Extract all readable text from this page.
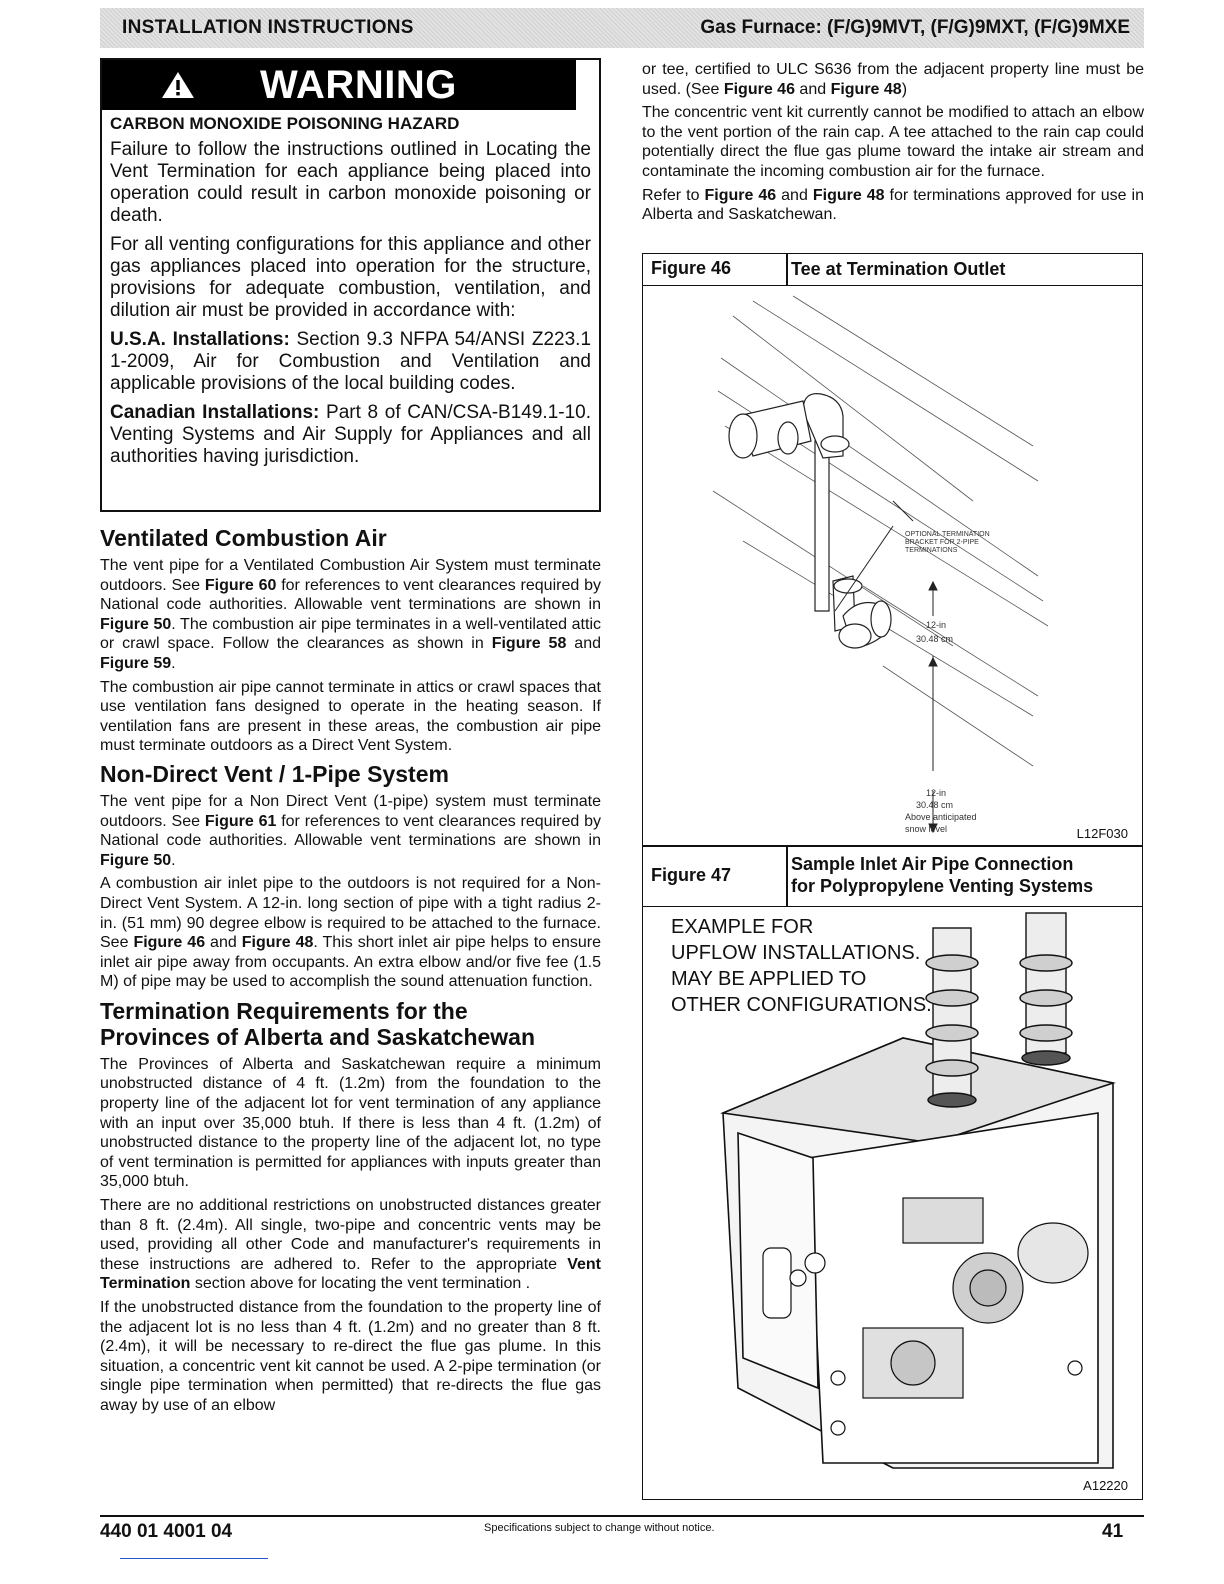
INSTALLATION INSTRUCTIONS	Gas Furnace: (F/G)9MVT, (F/G)9MXT, (F/G)9MXE
WARNING
CARBON MONOXIDE POISONING HAZARD

Failure to follow the instructions outlined in Locating the Vent Termination for each appliance being placed into operation could result in carbon monoxide poisoning or death.

For all venting configurations for this appliance and other gas appliances placed into operation for the structure, provisions for adequate combustion, ventilation, and dilution air must be provided in accordance with:

U.S.A. Installations: Section 9.3 NFPA 54/ANSI Z223.1 1-2009, Air for Combustion and Ventilation and applicable provisions of the local building codes.

Canadian Installations: Part 8 of CAN/CSA-B149.1-10. Venting Systems and Air Supply for Appliances and all authorities having jurisdiction.

Ventilated Combustion Air

The vent pipe for a Ventilated Combustion Air System must terminate outdoors. See Figure 60 for references to vent clearances required by National code authorities. Allowable vent terminations are shown in Figure 50. The combustion air pipe terminates in a well-ventilated attic or crawl space. Follow the clearances as shown in Figure 58 and Figure 59.

The combustion air pipe cannot terminate in attics or crawl spaces that use ventilation fans designed to operate in the heating season. If ventilation fans are present in these areas, the combustion air pipe must terminate outdoors as a Direct Vent System.

Non-Direct Vent / 1-Pipe System

The vent pipe for a Non Direct Vent (1-pipe) system must terminate outdoors. See Figure 61 for references to vent clearances required by National code authorities. Allowable vent terminations are shown in Figure 50.

A combustion air inlet pipe to the outdoors is not required for a Non-Direct Vent System. A 12-in. long section of pipe with a tight radius 2-in. (51 mm) 90 degree elbow is required to be attached to the furnace. See Figure 46 and Figure 48. This short inlet air pipe helps to ensure inlet air pipe away from occupants. An extra elbow and/or five fee (1.5 M) of pipe may be used to accomplish the sound attenuation function.

Termination Requirements for the
Provinces of Alberta and Saskatchewan

The Provinces of Alberta and Saskatchewan require a minimum unobstructed distance of 4 ft. (1.2m) from the foundation to the property line of the adjacent lot for vent termination of any appliance with an input over 35,000 btuh. If there is less than 4 ft. (1.2m) of unobstructed distance to the property line of the adjacent lot, no type of vent termination is permitted for appliances with inputs greater than 35,000 btuh.

There are no additional restrictions on unobstructed distances greater than 8 ft. (2.4m). All single, two-pipe and concentric vents may be used, providing all other Code and manufacturer's requirements in these instructions are adhered to. Refer to the appropriate Vent Termination section above for locating the vent termination .

If the unobstructed distance from the foundation to the property line of the adjacent lot is no less than 4 ft. (1.2m) and no greater than 8 ft. (2.4m), it will be necessary to re-direct the flue gas plume. In this situation, a concentric vent kit cannot be used. A 2-pipe termination (or single pipe termination when permitted) that re-directs the flue gas away by use of an elbow

or tee, certified to ULC S636 from the adjacent property line must be used. (See Figure 46 and Figure 48)

The concentric vent kit currently cannot be modified to attach an elbow to the vent portion of the rain cap. A tee attached to the rain cap could potentially direct the flue gas plume toward the intake air stream and contaminate the incoming combustion air for the furnace.

Refer to Figure 46 and Figure 48 for terminations approved for use in Alberta and Saskatchewan.

Figure 46	Tee at Termination Outlet
OPTIONAL TERMINATION
BRACKET FOR 2-PIPE
TERMINATIONS
12-in
30.48 cm
12-in
30.48 cm
Above anticipated
snow level	L12F030
Figure 47
Sample Inlet Air Pipe Connection
for Polypropylene Venting Systems
EXAMPLE FOR
UPFLOW INSTALLATIONS.
MAY BE APPLIED TO
OTHER CONFIGURATIONS.
A12220
440 01 4001 04	Specifications subject to change without notice.	41
